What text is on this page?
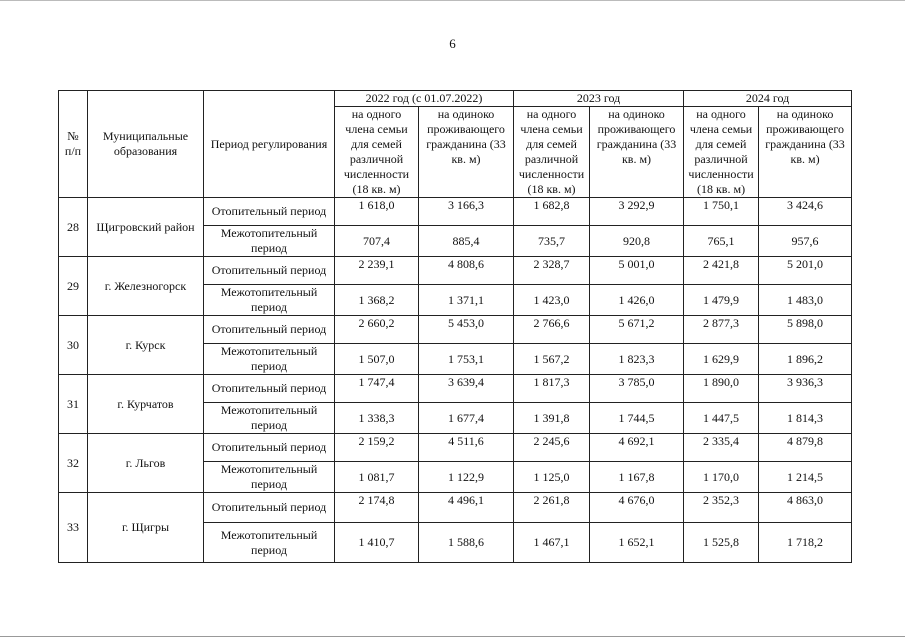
6
№
п/п	Муниципальные образования	Период регулирования	2022 год (с 01.07.2022)		2023 год		2024 год	
			на одного члена семьи для семей различной численности (18 кв. м)	на одиноко проживающего гражданина (33 кв. м)	на одного члена семьи для семей различной численности (18 кв. м)	на одиноко проживающего гражданина (33 кв. м)	на одного члена семьи для семей различной численности (18 кв. м)	на одиноко проживающего гражданина (33 кв. м)
28	Щигровский район	Отопительный период	1 618,0	3 166,3	1 682,8	3 292,9	1 750,1	3 424,6
		Межотопительный период	707,4	885,4	735,7	920,8	765,1	957,6
29	г. Железногорск	Отопительный период	2 239,1	4 808,6	2 328,7	5 001,0	2 421,8	5 201,0
		Межотопительный период	1 368,2	1 371,1	1 423,0	1 426,0	1 479,9	1 483,0
30	г. Курск	Отопительный период	2 660,2	5 453,0	2 766,6	5 671,2	2 877,3	5 898,0
		Межотопительный период	1 507,0	1 753,1	1 567,2	1 823,3	1 629,9	1 896,2
31	г. Курчатов	Отопительный период	1 747,4	3 639,4	1 817,3	3 785,0	1 890,0	3 936,3
		Межотопительный период	1 338,3	1 677,4	1 391,8	1 744,5	1 447,5	1 814,3
32	г. Льгов	Отопительный период	2 159,2	4 511,6	2 245,6	4 692,1	2 335,4	4 879,8
		Межотопительный период	1 081,7	1 122,9	1 125,0	1 167,8	1 170,0	1 214,5
33	г. Щигры	Отопительный период	2 174,8	4 496,1	2 261,8	4 676,0	2 352,3	4 863,0
		Межотопительный период	1 410,7	1 588,6	1 467,1	1 652,1	1 525,8	1 718,2
